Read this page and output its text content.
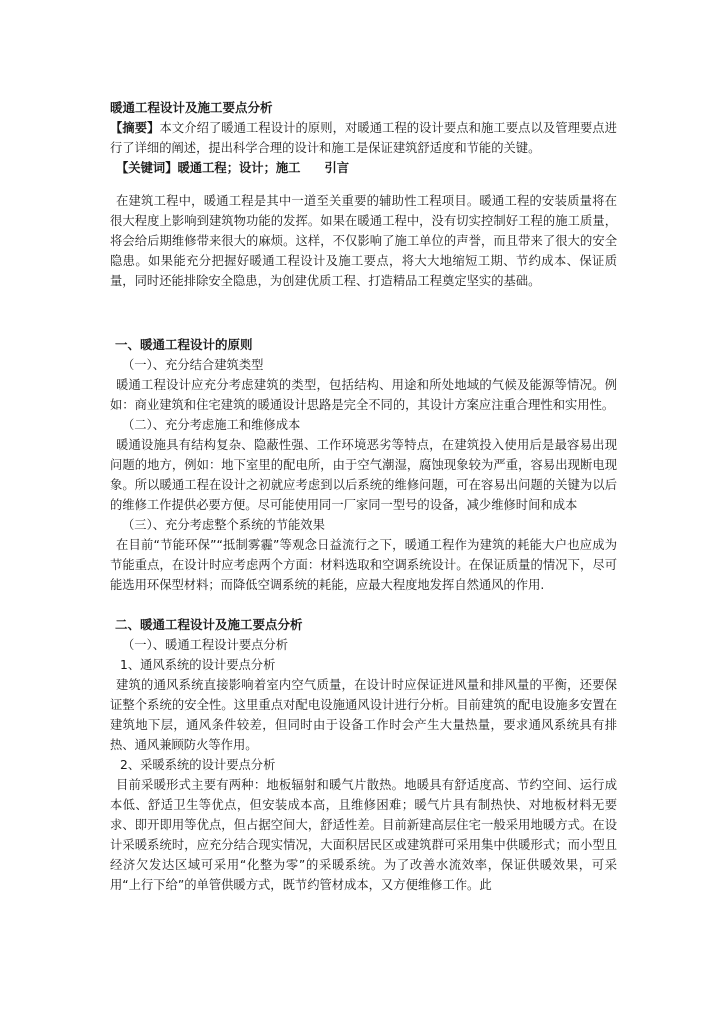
暖通工程设计及施工要点分析

【摘要】本文介绍了暖通工程设计的原则，对暖通工程的设计要点和施工要点以及管理要点进行了详细的阐述，提出科学合理的设计和施工是保证建筑舒适度和节能的关键。

【关键词】暖通工程；设计；施工 引言

在建筑工程中，暖通工程是其中一道至关重要的辅助性工程项目。暖通工程的安装质量将在很大程度上影响到建筑物功能的发挥。如果在暖通工程中，没有切实控制好工程的施工质量，将会给后期维修带来很大的麻烦。这样，不仅影响了施工单位的声誉，而且带来了很大的安全隐患。如果能充分把握好暖通工程设计及施工要点，将大大地缩短工期、节约成本、保证质量，同时还能排除安全隐患，为创建优质工程、打造精品工程奠定坚实的基础。

一、暖通工程设计的原则

（一）、充分结合建筑类型

暖通工程设计应充分考虑建筑的类型，包括结构、用途和所处地域的气候及能源等情况。例如：商业建筑和住宅建筑的暖通设计思路是完全不同的，其设计方案应注重合理性和实用性。

（二）、充分考虑施工和维修成本

暖通设施具有结构复杂、隐蔽性强、工作环境恶劣等特点，在建筑投入使用后是最容易出现问题的地方，例如：地下室里的配电所，由于空气潮湿，腐蚀现象较为严重，容易出现断电现象。所以暖通工程在设计之初就应考虑到以后系统的维修问题，可在容易出问题的关键为以后的维修工作提供必要方便。尽可能使用同一厂家同一型号的设备，减少维修时间和成本

（三）、充分考虑整个系统的节能效果

在目前“节能环保”“抵制雾霾”等观念日益流行之下，暖通工程作为建筑的耗能大户也应成为节能重点，在设计时应考虑两个方面：材料选取和空调系统设计。在保证质量的情况下，尽可能选用环保型材料；而降低空调系统的耗能，应最大程度地发挥自然通风的作用.

二、暖通工程设计及施工要点分析

（一）、暖通工程设计要点分析

1、通风系统的设计要点分析

建筑的通风系统直接影响着室内空气质量，在设计时应保证进风量和排风量的平衡，还要保证整个系统的安全性。这里重点对配电设施通风设计进行分析。目前建筑的配电设施多安置在建筑地下层，通风条件较差，但同时由于设备工作时会产生大量热量，要求通风系统具有排热、通风兼顾防火等作用。

2、采暖系统的设计要点分析

目前采暖形式主要有两种：地板辐射和暖气片散热。地暖具有舒适度高、节约空间、运行成本低、舒适卫生等优点，但安装成本高，且维修困难；暖气片具有制热快、对地板材料无要求、即开即用等优点，但占据空间大，舒适性差。目前新建高层住宅一般采用地暖方式。在设计采暖系统时，应充分结合现实情况，大面积居民区或建筑群可采用集中供暖形式；而小型且经济欠发达区域可采用“化整为零”的采暖系统。为了改善水流效率，保证供暖效果，可采用“上行下给”的单管供暖方式，既节约管材成本，又方便维修工作。此
